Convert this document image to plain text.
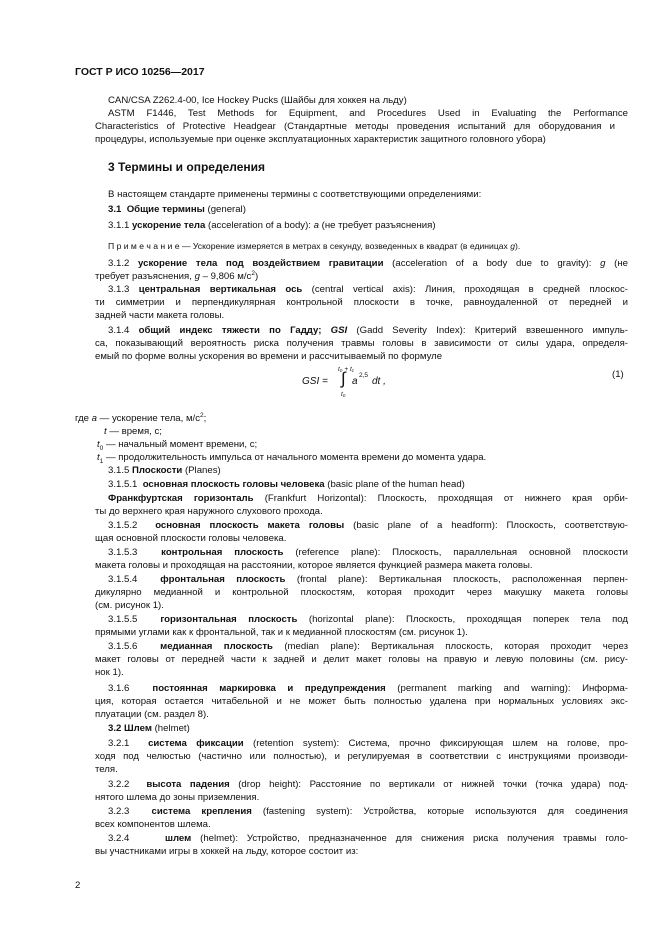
ГОСТ Р ИСО 10256—2017
CAN/CSA Z262.4-00, Ice Hockey Pucks (Шайбы для хоккея на льду)
ASTM F1446, Test Methods for Equipment, and Procedures Used in Evaluating the Performance
Characteristics of Protective Headgear (Стандартные методы проведения испытаний для оборудования и
процедуры, используемые при оценке эксплуатационных характеристик защитного головного убора)
3 Термины и определения
В настоящем стандарте применены термины с соответствующими определениями:
3.1 Общие термины (general)
3.1.1 ускорение тела (acceleration of a body): a (не требует разъяснения)
П р и м е ч а н и е — Ускорение измеряется в метрах в секунду, возведенных в квадрат (в единицах g).
3.1.2 ускорение тела под воздействием гравитации (acceleration of a body due to gravity): g (не
требует разъяснения, g – 9,806 $м/с^2$)
3.1.3 центральная вертикальная ось (central vertical axis): Линия, проходящая в средней плоскос-
ти симметрии и перпендикулярная контрольной плоскости в точке, равноудаленной от передней и
задней части макета головы.
3.1.4 общий индекс тяжести по Гадду; GSI (Gadd Severity Index): Критерий взвешенного импуль-
са, показывающий вероятность риска получения травмы головы в зависимости от силы удара, определя-
емый по форме волны ускорения во времени и рассчитываемый по формуле
GSI =
t₀ + t₁
∫
t₀
a
2,5
dt ,
(1)
где a — ускорение тела, $м/с^2$;
t — время, с;
$t_0$ — начальный момент времени, с;
$t_1$ — продолжительность импульса от начального момента времени до момента удара.
3.1.5 Плоскости (Planes)
3.1.5.1  основная плоскость головы человека (basic plane of the human head)
Франкфуртская горизонталь (Frankfurt Horizontal): Плоскость, проходящая от нижнего края орби-
ты до верхнего края наружного слухового прохода.
3.1.5.2  основная плоскость макета головы (basic plane of a headform): Плоскость, соответствую-
щая основной плоскости головы человека.
3.1.5.3  контрольная плоскость (reference plane): Плоскость, параллельная основной плоскости
макета головы и проходящая на расстоянии, которое является функцией размера макета головы.
3.1.5.4  фронтальная плоскость (frontal plane): Вертикальная плоскость, расположенная перпен-
дикулярно медианной и контрольной плоскостям, которая проходит через макушку макета головы
(см. рисунок 1).
3.1.5.5  горизонтальная плоскость (horizontal plane): Плоскость, проходящая поперек тела под
прямыми углами как к фронтальной, так и к медианной плоскостям (см. рисунок 1).
3.1.5.6  медианная плоскость (median plane): Вертикальная плоскость, которая проходит через
макет головы от передней части к задней и делит макет головы на правую и левую половины (см. рису-
нок 1).
3.1.6  постоянная маркировка и предупреждения (permanent marking and warning): Информа-
ция, которая остается читабельной и не может быть полностью удалена при нормальных условиях экс-
плуатации (см. раздел 8).
3.2 Шлем (helmet)
3.2.1  система фиксации (retention system): Система, прочно фиксирующая шлем на голове, про-
ходя под челюстью (частично или полностью), и регулируемая в соответствии с инструкциями производи-
теля.
3.2.2  высота падения (drop height): Расстояние по вертикали от нижней точки (точка удара) под-
нятого шлема до зоны приземления.
3.2.3  система крепления (fastening system): Устройства, которые используются для соединения
всех компонентов шлема.
3.2.4	шлем (helmet): Устройство, предназначенное для снижения риска получения травмы голо-
вы участниками игры в хоккей на льду, которое состоит из:
2
